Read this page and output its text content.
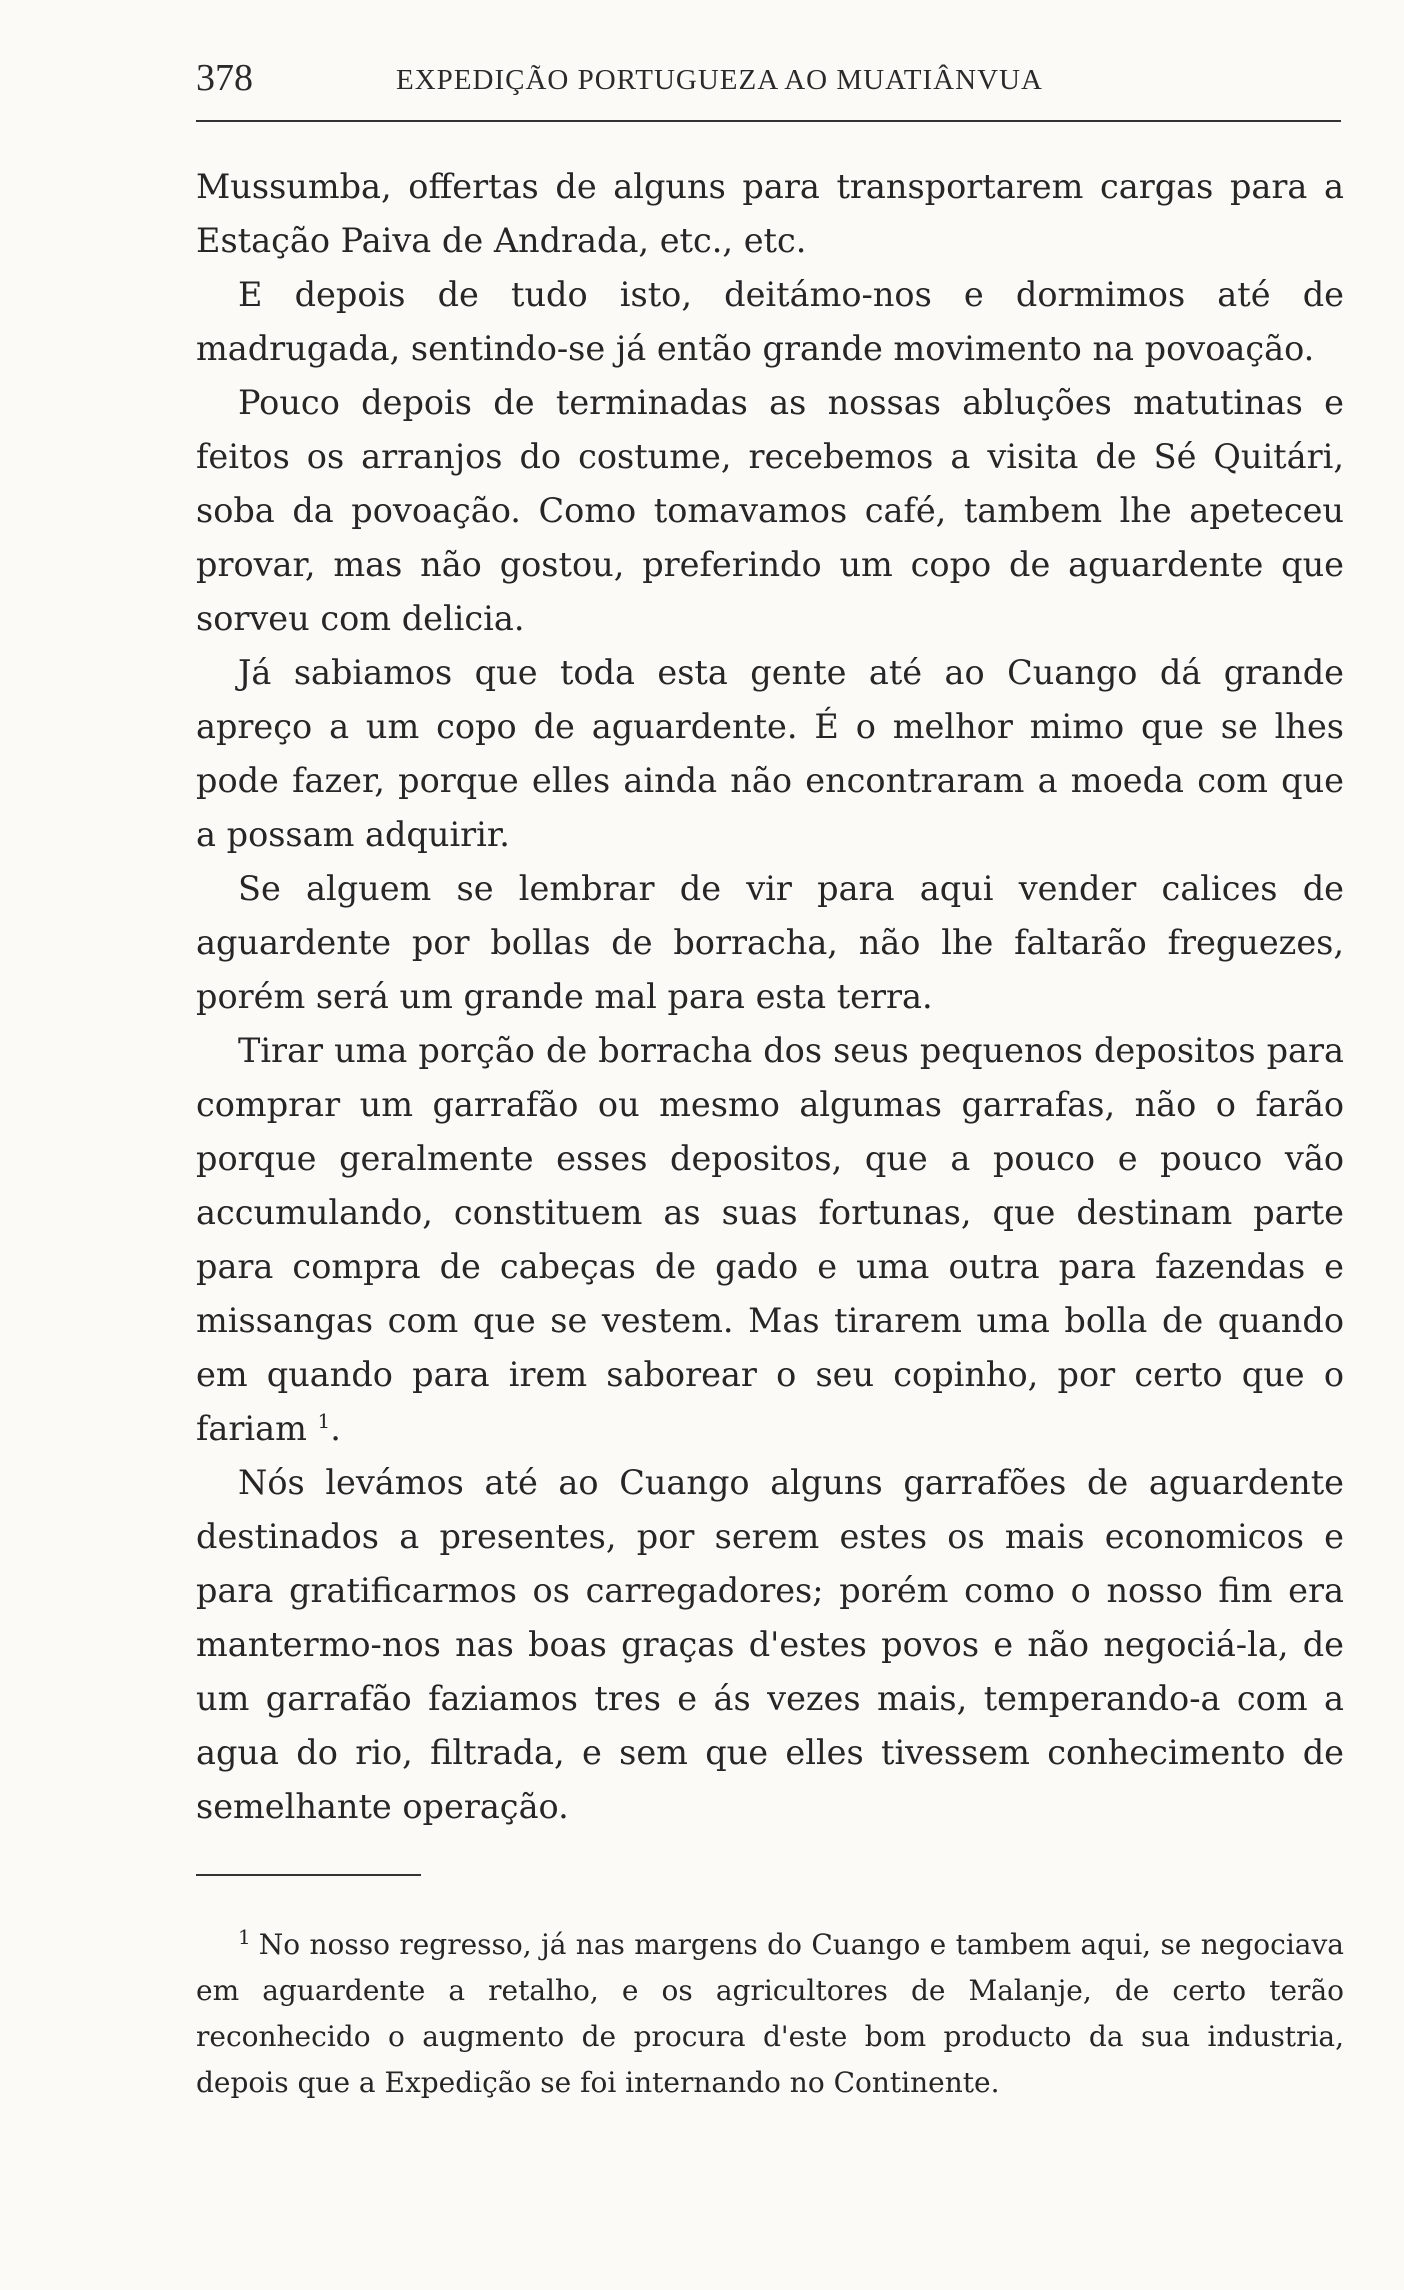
378	EXPEDIÇÃO PORTUGUEZA AO MUATIÂNVUA

Mussumba, offertas de alguns para transportarem cargas para a Estação Paiva de Andrada, etc., etc.

E depois de tudo isto, deitámo-nos e dormimos até de madrugada, sentindo-se já então grande movimento na povoação.

Pouco depois de terminadas as nossas abluções matutinas e feitos os arranjos do costume, recebemos a visita de Sé Quitári, soba da povoação. Como tomavamos café, tambem lhe apeteceu provar, mas não gostou, preferindo um copo de aguardente que sorveu com delicia.

Já sabiamos que toda esta gente até ao Cuango dá grande apreço a um copo de aguardente. É o melhor mimo que se lhes pode fazer, porque elles ainda não encontraram a moeda com que a possam adquirir.

Se alguem se lembrar de vir para aqui vender calices de aguardente por bollas de borracha, não lhe faltarão freguezes, porém será um grande mal para esta terra.

Tirar uma porção de borracha dos seus pequenos depositos para comprar um garrafão ou mesmo algumas garrafas, não o farão porque geralmente esses depositos, que a pouco e pouco vão accumulando, constituem as suas fortunas, que destinam parte para compra de cabeças de gado e uma outra para fazendas e missangas com que se vestem. Mas tirarem uma bolla de quando em quando para irem saborear o seu copinho, por certo que o fariam $^1$.

Nós levámos até ao Cuango alguns garrafões de aguardente destinados a presentes, por serem estes os mais economicos e para gratificarmos os carregadores; porém como o nosso fim era mantermo-nos nas boas graças d'estes povos e não negociá-la, de um garrafão faziamos tres e ás vezes mais, temperando-a com a agua do rio, filtrada, e sem que elles tivessem conhecimento de semelhante operação.

$^1$ No nosso regresso, já nas margens do Cuango e tambem aqui, se negociava em aguardente a retalho, e os agricultores de Malanje, de certo terão reconhecido o augmento de procura d'este bom producto da sua industria, depois que a Expedição se foi internando no Continente.
